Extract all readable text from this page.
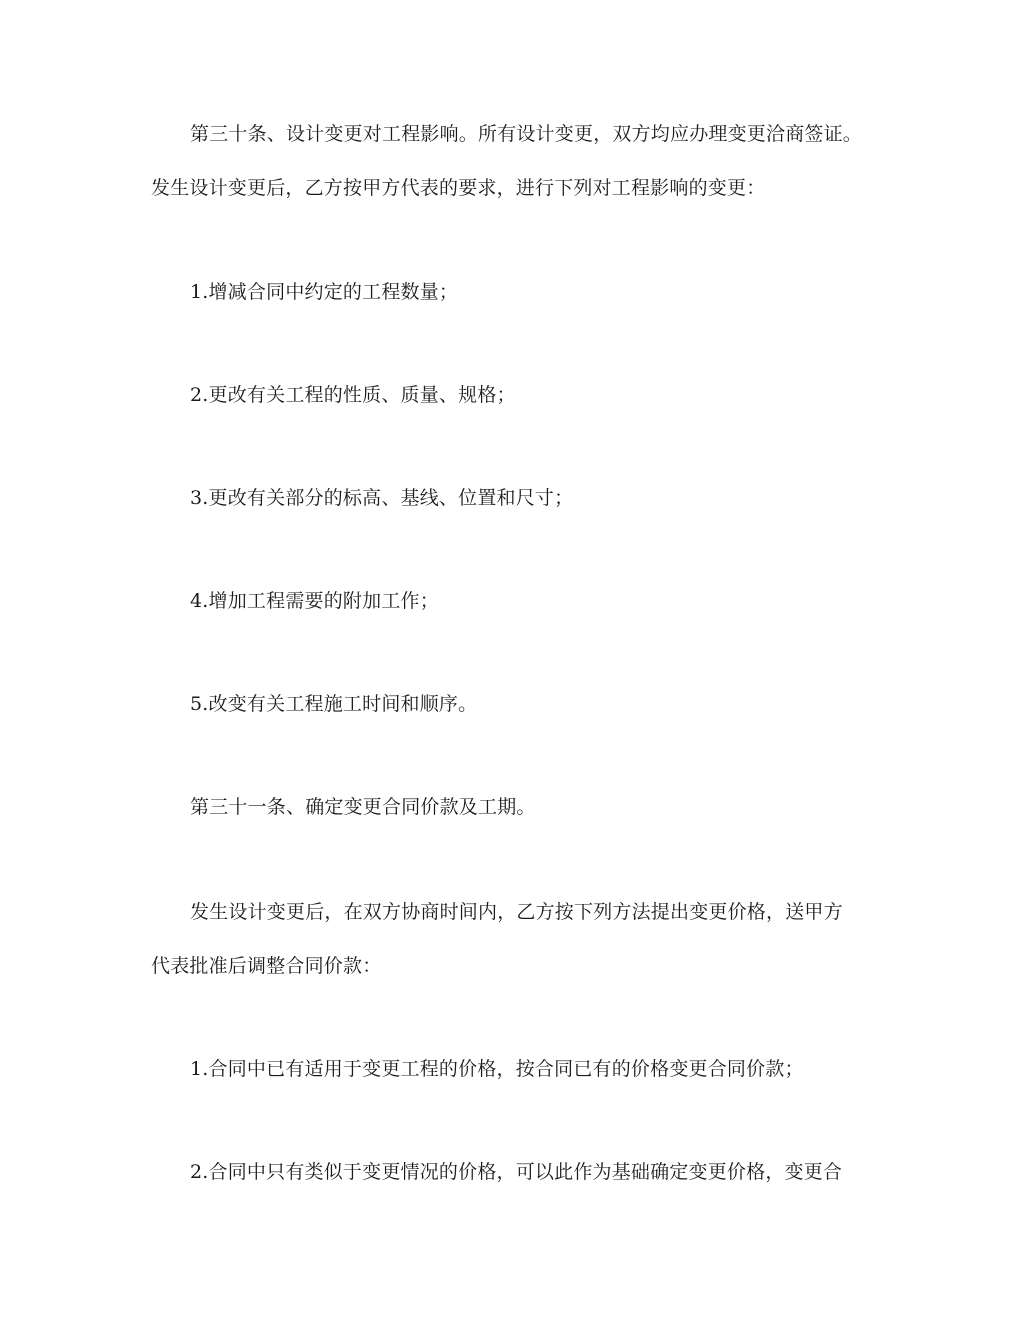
第三十条、设计变更对工程影响。所有设计变更，双方均应办理变更洽商签证。
发生设计变更后，乙方按甲方代表的要求，进行下列对工程影响的变更：
1.增减合同中约定的工程数量；
2.更改有关工程的性质、质量、规格；
3.更改有关部分的标高、基线、位置和尺寸；
4.增加工程需要的附加工作；
5.改变有关工程施工时间和顺序。
第三十一条、确定变更合同价款及工期。
发生设计变更后，在双方协商时间内，乙方按下列方法提出变更价格，送甲方
代表批准后调整合同价款：
1.合同中已有适用于变更工程的价格，按合同已有的价格变更合同价款；
2.合同中只有类似于变更情况的价格，可以此作为基础确定变更价格，变更合
